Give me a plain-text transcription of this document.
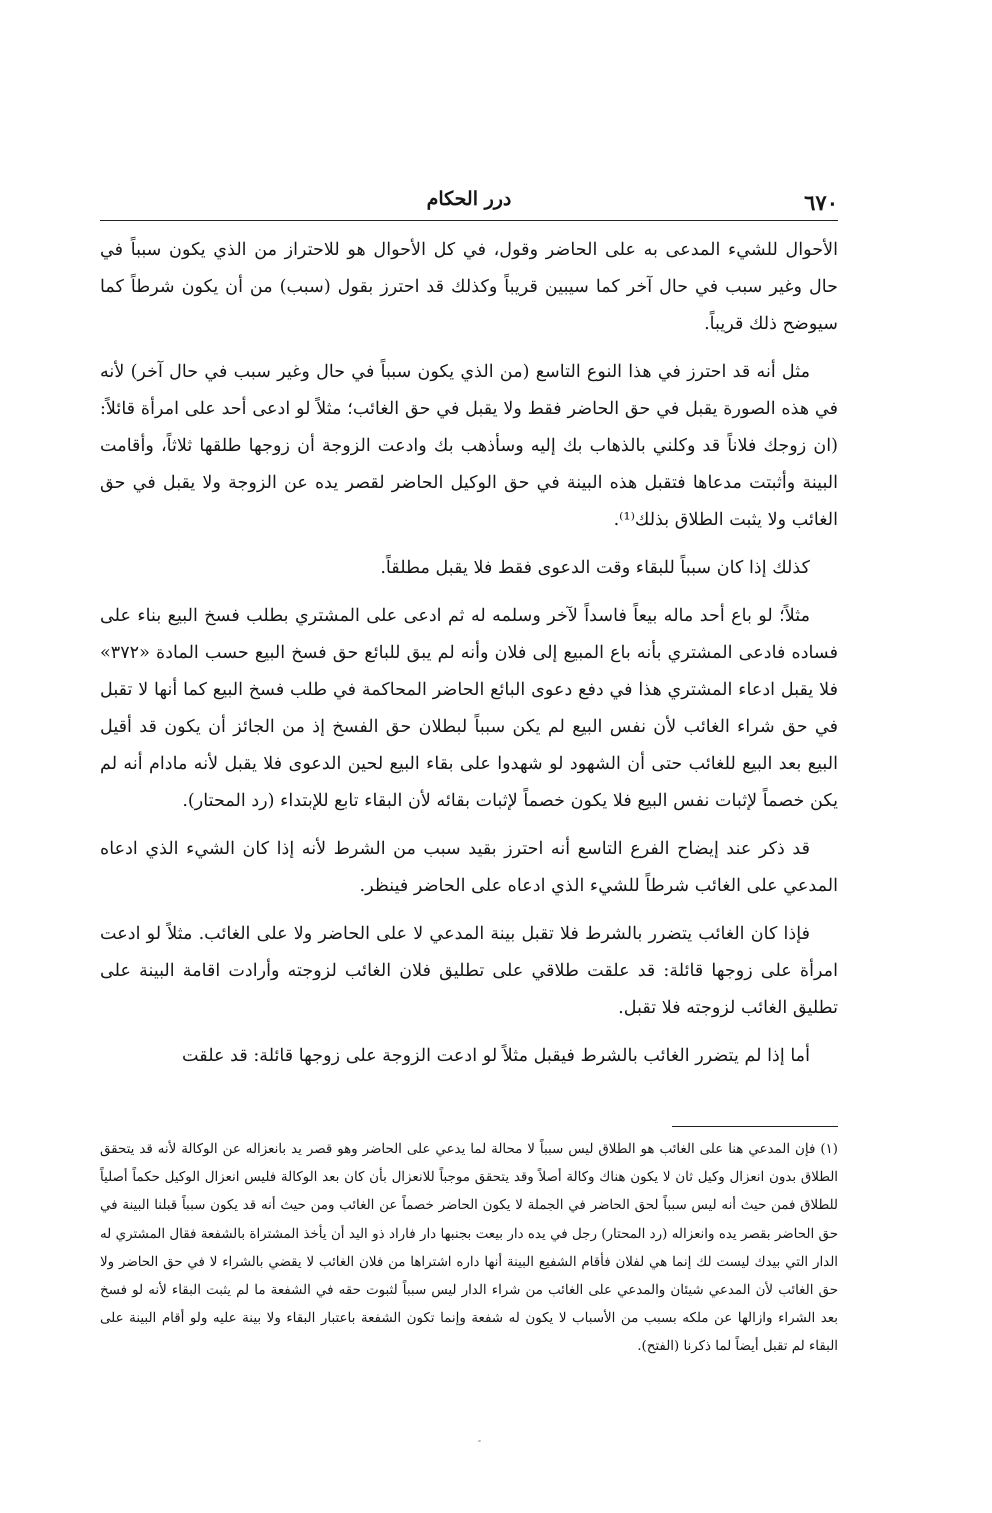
٦٧٠
درر الحكام

الأحوال للشيء المدعى به على الحاضر وقول، في كل الأحوال هو للاحتراز من الذي يكون سبباً في حال وغير سبب في حال آخر كما سيبين قريباً وكذلك قد احترز بقول (سبب) من أن يكون شرطاً كما سيوضح ذلك قريباً.

مثل أنه قد احترز في هذا النوع التاسع (من الذي يكون سبباً في حال وغير سبب في حال آخر) لأنه في هذه الصورة يقبل في حق الحاضر فقط ولا يقبل في حق الغائب؛ مثلاً لو ادعى أحد على امرأة قائلاً: (ان زوجك فلاناً قد وكلني بالذهاب بك إليه وسأذهب بك وادعت الزوجة أن زوجها طلقها ثلاثاً، وأقامت البينة وأثبتت مدعاها فتقبل هذه البينة في حق الوكيل الحاضر لقصر يده عن الزوجة ولا يقبل في حق الغائب ولا يثبت الطلاق بذلك⁽¹⁾.

كذلك إذا كان سبباً للبقاء وقت الدعوى فقط فلا يقبل مطلقاً.

مثلاً؛ لو باع أحد ماله بيعاً فاسداً لآخر وسلمه له ثم ادعى على المشتري بطلب فسخ البيع بناء على فساده فادعى المشتري بأنه باع المبيع إلى فلان وأنه لم يبق للبائع حق فسخ البيع حسب المادة «٣٧٢» فلا يقبل ادعاء المشتري هذا في دفع دعوى البائع الحاضر المحاكمة في طلب فسخ البيع كما أنها لا تقبل في حق شراء الغائب لأن نفس البيع لم يكن سبباً لبطلان حق الفسخ إذ من الجائز أن يكون قد أقيل البيع بعد البيع للغائب حتى أن الشهود لو شهدوا على بقاء البيع لحين الدعوى فلا يقبل لأنه مادام أنه لم يكن خصماً لإثبات نفس البيع فلا يكون خصماً لإثبات بقائه لأن البقاء تابع للإبتداء (رد المحتار).

قد ذكر عند إيضاح الفرع التاسع أنه احترز بقيد سبب من الشرط لأنه إذا كان الشيء الذي ادعاه المدعي على الغائب شرطاً للشيء الذي ادعاه على الحاضر فينظر.

فإذا كان الغائب يتضرر بالشرط فلا تقبل بينة المدعي لا على الحاضر ولا على الغائب. مثلاً لو ادعت امرأة على زوجها قائلة: قد علقت طلاقي على تطليق فلان الغائب لزوجته وأرادت اقامة البينة على تطليق الغائب لزوجته فلا تقبل.

أما إذا لم يتضرر الغائب بالشرط فيقبل مثلاً لو ادعت الزوجة على زوجها قائلة: قد علقت

(١) فإن المدعي هنا على الغائب هو الطلاق ليس سبباً لا محالة لما يدعي على الحاضر وهو قصر يد بانعزاله عن الوكالة لأنه قد يتحقق الطلاق بدون انعزال وكيل ثان لا يكون هناك وكالة أصلاً وقد يتحقق موجباً للانعزال بأن كان بعد الوكالة فليس انعزال الوكيل حكماً أصلياً للطلاق فمن حيث أنه ليس سبباً لحق الحاضر في الجملة لا يكون الحاضر خصماً عن الغائب ومن حيث أنه قد يكون سبباً قبلنا البينة في حق الحاضر بقصر يده وانعزاله (رد المحتار) رجل في يده دار بيعت بجنبها دار فاراد ذو اليد أن يأخذ المشتراة بالشفعة فقال المشتري له الدار التي بيدك ليست لك إنما هي لفلان فأقام الشفيع البينة أنها داره اشتراها من فلان الغائب لا يقضي بالشراء لا في حق الحاضر ولا حق الغائب لأن المدعي شيئان والمدعي على الغائب من شراء الدار ليس سبباً لثبوت حقه في الشفعة ما لم يثبت البقاء لأنه لو فسخ بعد الشراء وازالها عن ملكه بسبب من الأسباب لا يكون له شفعة وإنما تكون الشفعة باعتبار البقاء ولا بينة عليه ولو أقام البينة على البقاء لم تقبل أيضاً لما ذكرنا (الفتح).
